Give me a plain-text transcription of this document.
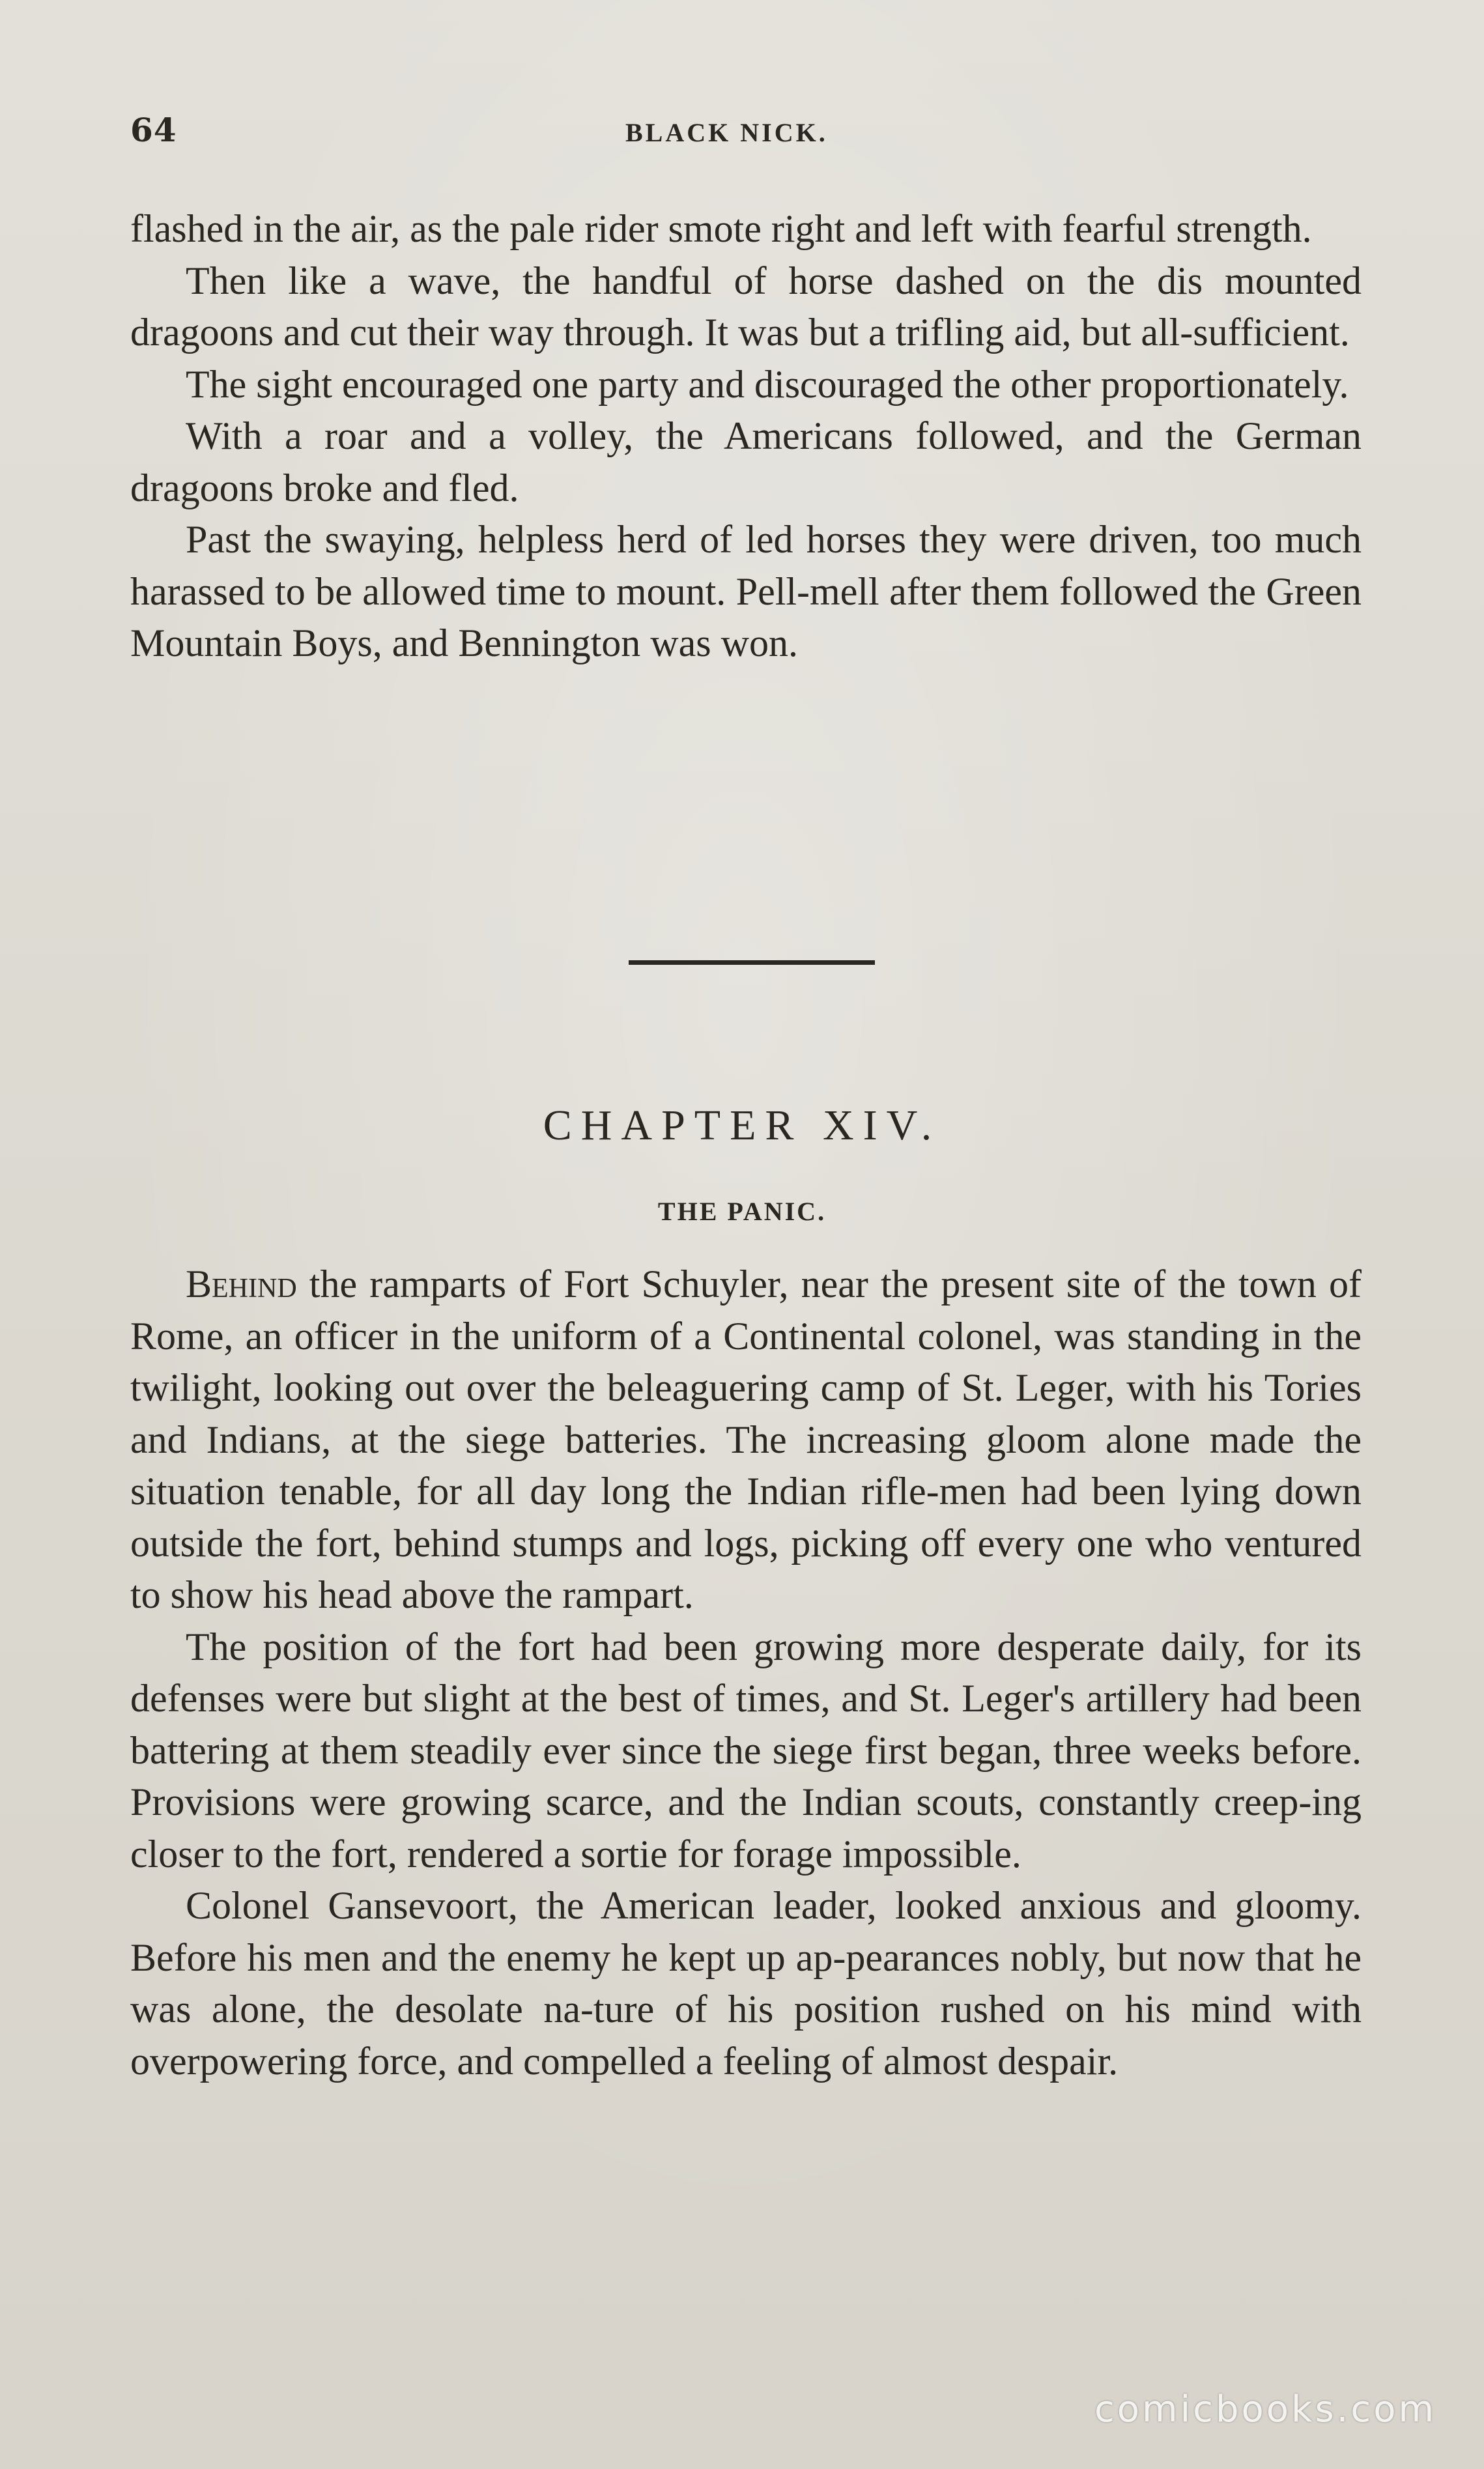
64	BLACK NICK.

flashed in the air, as the pale rider smote right and left with fearful strength.

Then like a wave, the handful of horse dashed on the dis mounted dragoons and cut their way through. It was but a trifling aid, but all-sufficient.

The sight encouraged one party and discouraged the other proportionately.

With a roar and a volley, the Americans followed, and the German dragoons broke and fled.

Past the swaying, helpless herd of led horses they were driven, too much harassed to be allowed time to mount. Pell-mell after them followed the Green Mountain Boys, and Bennington was won.

CHAPTER XIV.
THE PANIC.

Behind the ramparts of Fort Schuyler, near the present site of the town of Rome, an officer in the uniform of a Continental colonel, was standing in the twilight, looking out over the beleaguering camp of St. Leger, with his Tories and Indians, at the siege batteries. The increasing gloom alone made the situation tenable, for all day long the Indian rifle-men had been lying down outside the fort, behind stumps and logs, picking off every one who ventured to show his head above the rampart.

The position of the fort had been growing more desperate daily, for its defenses were but slight at the best of times, and St. Leger's artillery had been battering at them steadily ever since the siege first began, three weeks before. Provisions were growing scarce, and the Indian scouts, constantly creep-ing closer to the fort, rendered a sortie for forage impossible.

Colonel Gansevoort, the American leader, looked anxious and gloomy. Before his men and the enemy he kept up ap-pearances nobly, but now that he was alone, the desolate na-ture of his position rushed on his mind with overpowering force, and compelled a feeling of almost despair.

comicbooks.com
